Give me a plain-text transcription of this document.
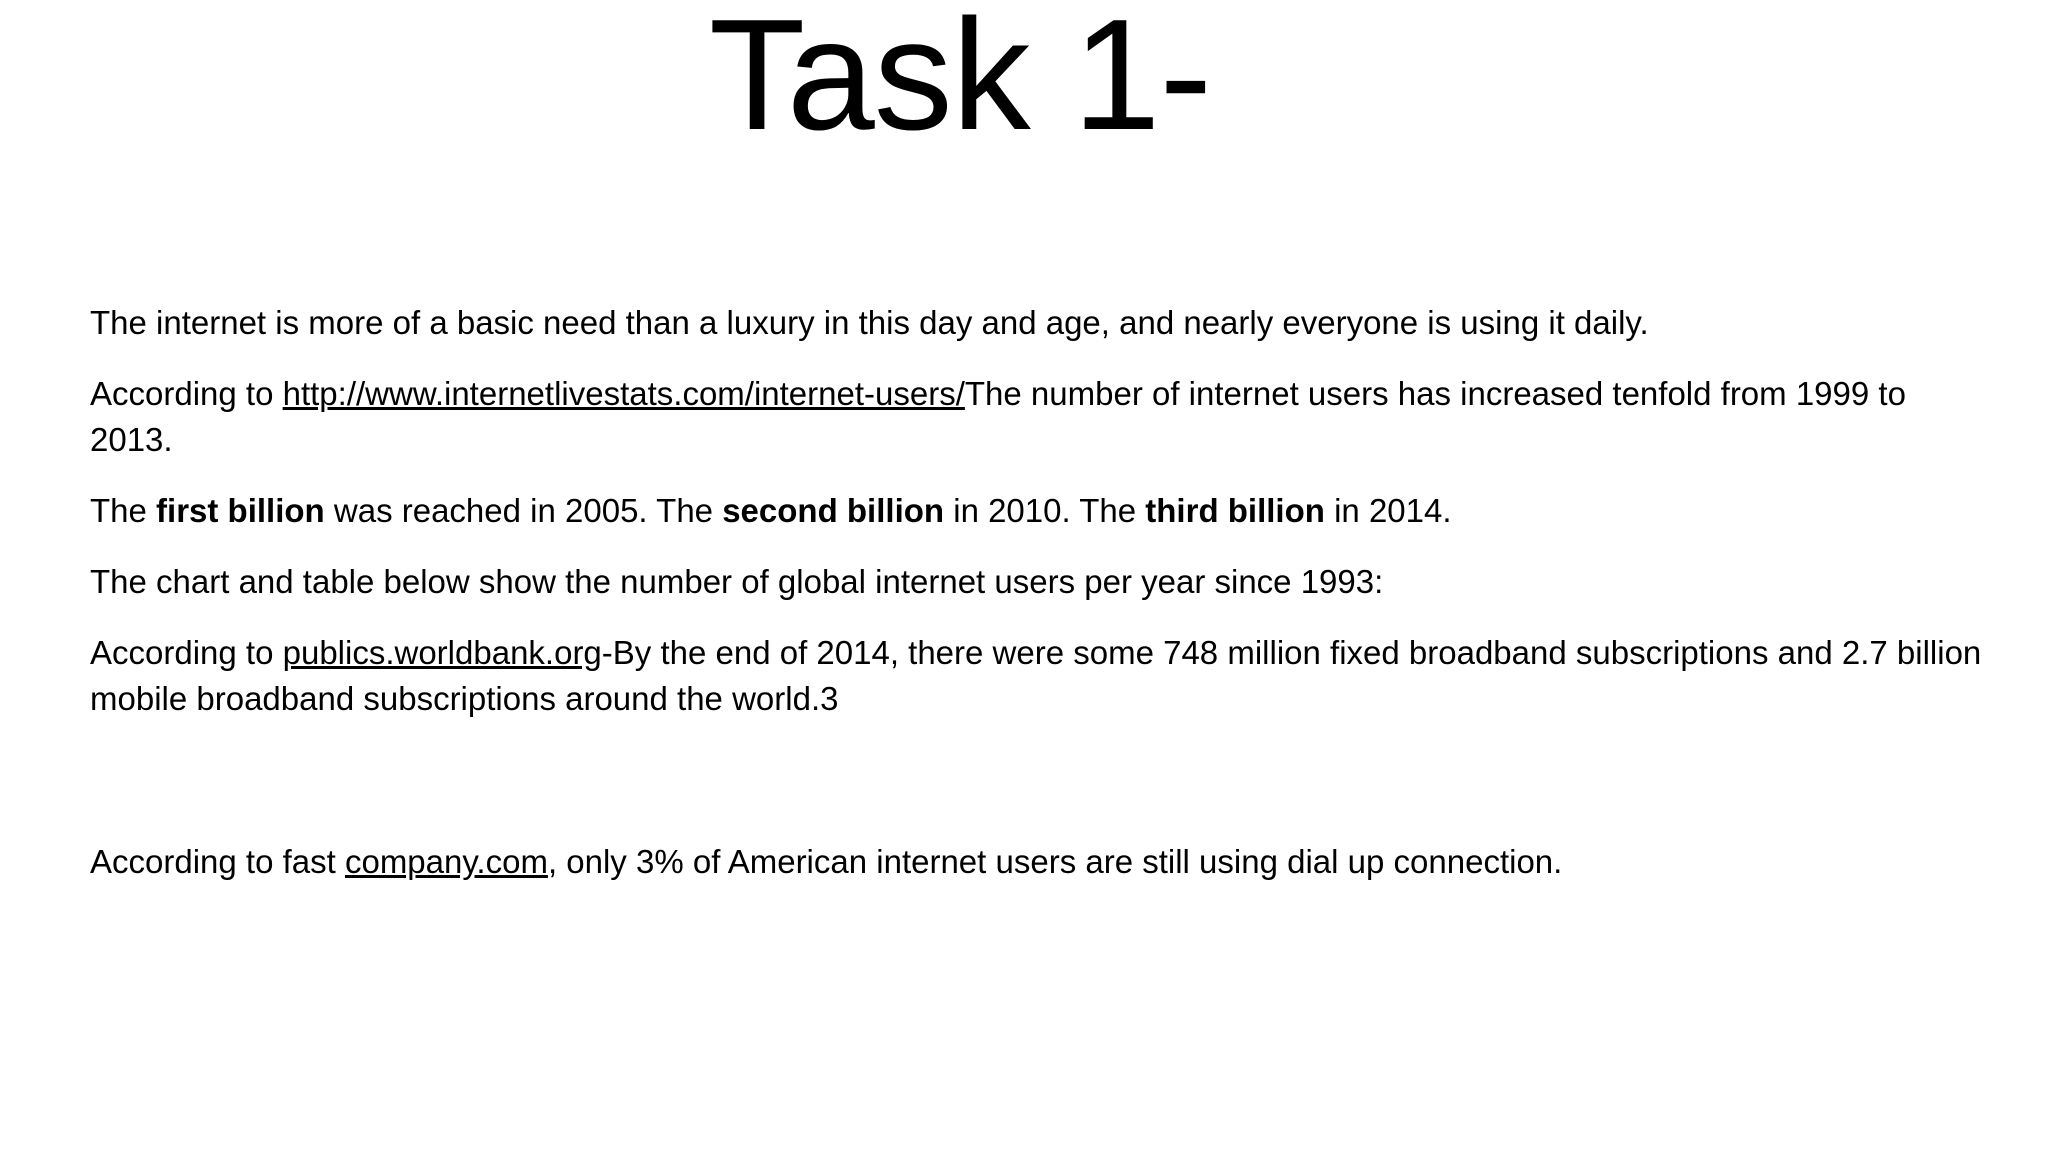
Task 1-

The internet is more of a basic need than a luxury in this day and age, and nearly everyone is using it daily.

According to http://www.internetlivestats.com/internet-users/The number of internet users has increased tenfold from 1999 to 2013.

The first billion was reached in 2005. The second billion in 2010. The third billion in 2014.

The chart and table below show the number of global internet users per year since 1993:

According to publics.worldbank.org-By the end of 2014, there were some 748 million fixed broadband subscriptions and 2.7 billion mobile broadband subscriptions around the world.3

According to fast company.com, only 3% of American internet users are still using dial up connection.
